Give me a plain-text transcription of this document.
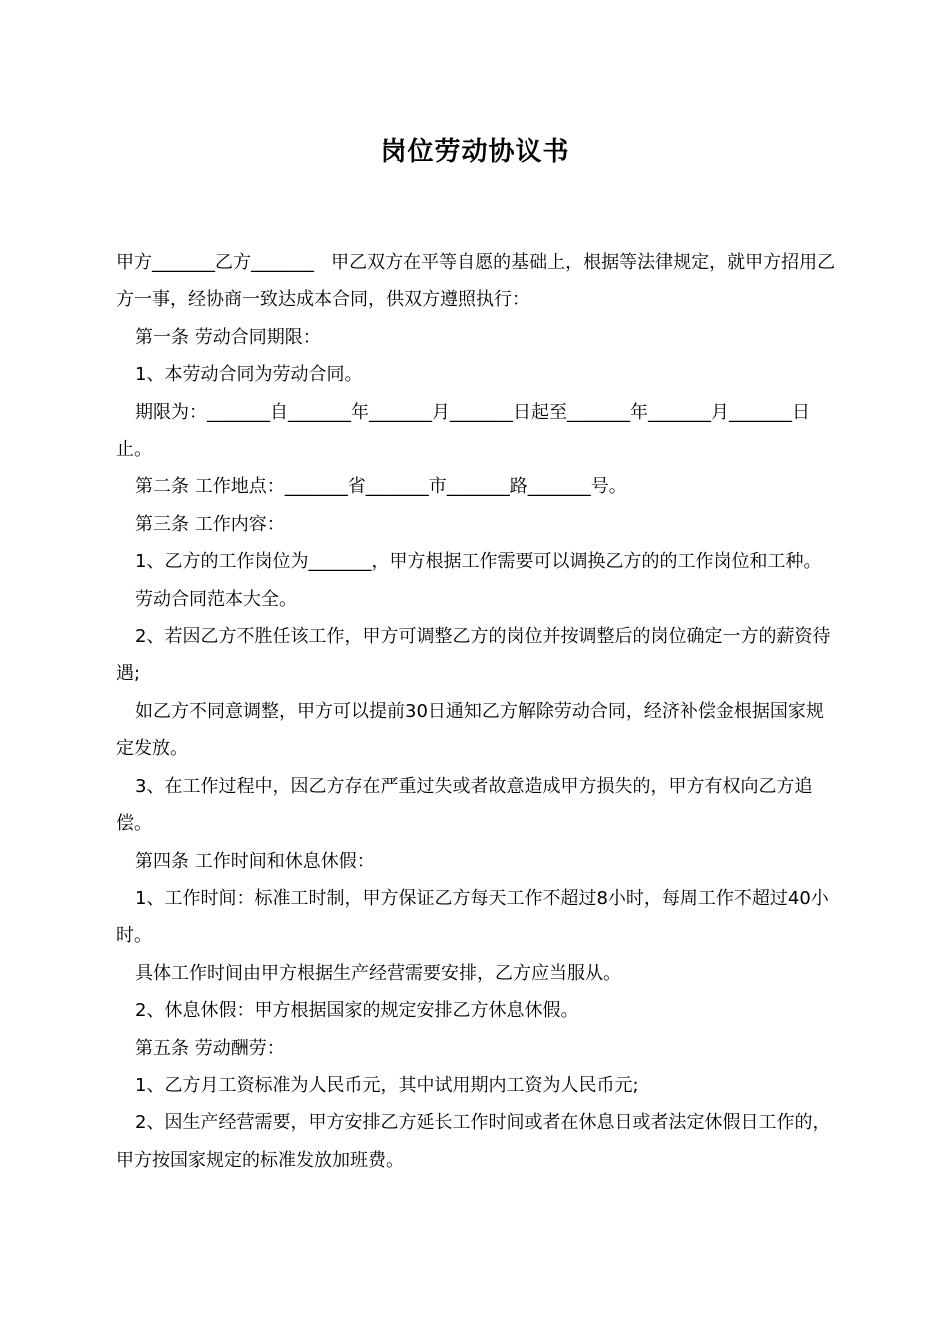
岗位劳动协议书

甲方_______乙方_______   甲乙双方在平等自愿的基础上，根据等法律规定，就甲方招用乙方一事，经协商一致达成本合同，供双方遵照执行：

第一条 劳动合同期限：

1、本劳动合同为劳动合同。

期限为：_______自_______年_______月_______日起至_______年_______月_______日止。

第二条 工作地点：_______省_______市_______路_______号。

第三条 工作内容：

1、乙方的工作岗位为_______，甲方根据工作需要可以调换乙方的的工作岗位和工种。

劳动合同范本大全。

2、若因乙方不胜任该工作，甲方可调整乙方的岗位并按调整后的岗位确定一方的薪资待遇;

如乙方不同意调整，甲方可以提前30日通知乙方解除劳动合同，经济补偿金根据国家规定发放。

3、在工作过程中，因乙方存在严重过失或者故意造成甲方损失的，甲方有权向乙方追偿。

第四条 工作时间和休息休假：

1、工作时间：标准工时制，甲方保证乙方每天工作不超过8小时，每周工作不超过40小时。

具体工作时间由甲方根据生产经营需要安排，乙方应当服从。

2、休息休假：甲方根据国家的规定安排乙方休息休假。

第五条 劳动酬劳：

1、乙方月工资标准为人民币元，其中试用期内工资为人民币元;

2、因生产经营需要，甲方安排乙方延长工作时间或者在休息日或者法定休假日工作的，甲方按国家规定的标准发放加班费。
